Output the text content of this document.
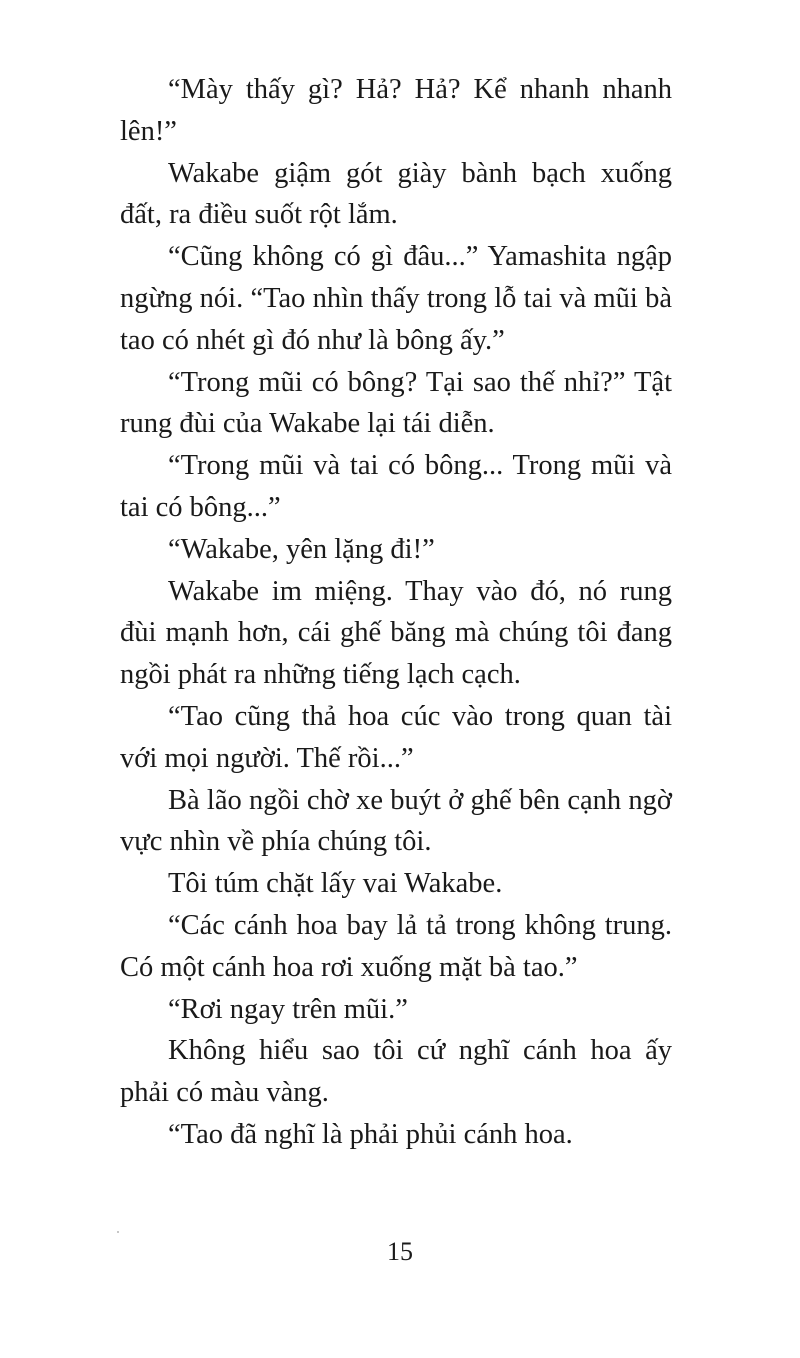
“Mày thấy gì? Hả? Hả? Kể nhanh nhanh lên!”

Wakabe giậm gót giày bành bạch xuống đất, ra điều suốt rột lắm.

“Cũng không có gì đâu...” Yamashita ngập ngừng nói. “Tao nhìn thấy trong lỗ tai và mũi bà tao có nhét gì đó như là bông ấy.”

“Trong mũi có bông? Tại sao thế nhỉ?” Tật rung đùi của Wakabe lại tái diễn.

“Trong mũi và tai có bông... Trong mũi và tai có bông...”

“Wakabe, yên lặng đi!”

Wakabe im miệng. Thay vào đó, nó rung đùi mạnh hơn, cái ghế băng mà chúng tôi đang ngồi phát ra những tiếng lạch cạch.

“Tao cũng thả hoa cúc vào trong quan tài với mọi người. Thế rồi...”

Bà lão ngồi chờ xe buýt ở ghế bên cạnh ngờ vực nhìn về phía chúng tôi.

Tôi túm chặt lấy vai Wakabe.

“Các cánh hoa bay lả tả trong không trung. Có một cánh hoa rơi xuống mặt bà tao.”

“Rơi ngay trên mũi.”

Không hiểu sao tôi cứ nghĩ cánh hoa ấy phải có màu vàng.

“Tao đã nghĩ là phải phủi cánh hoa.

15
